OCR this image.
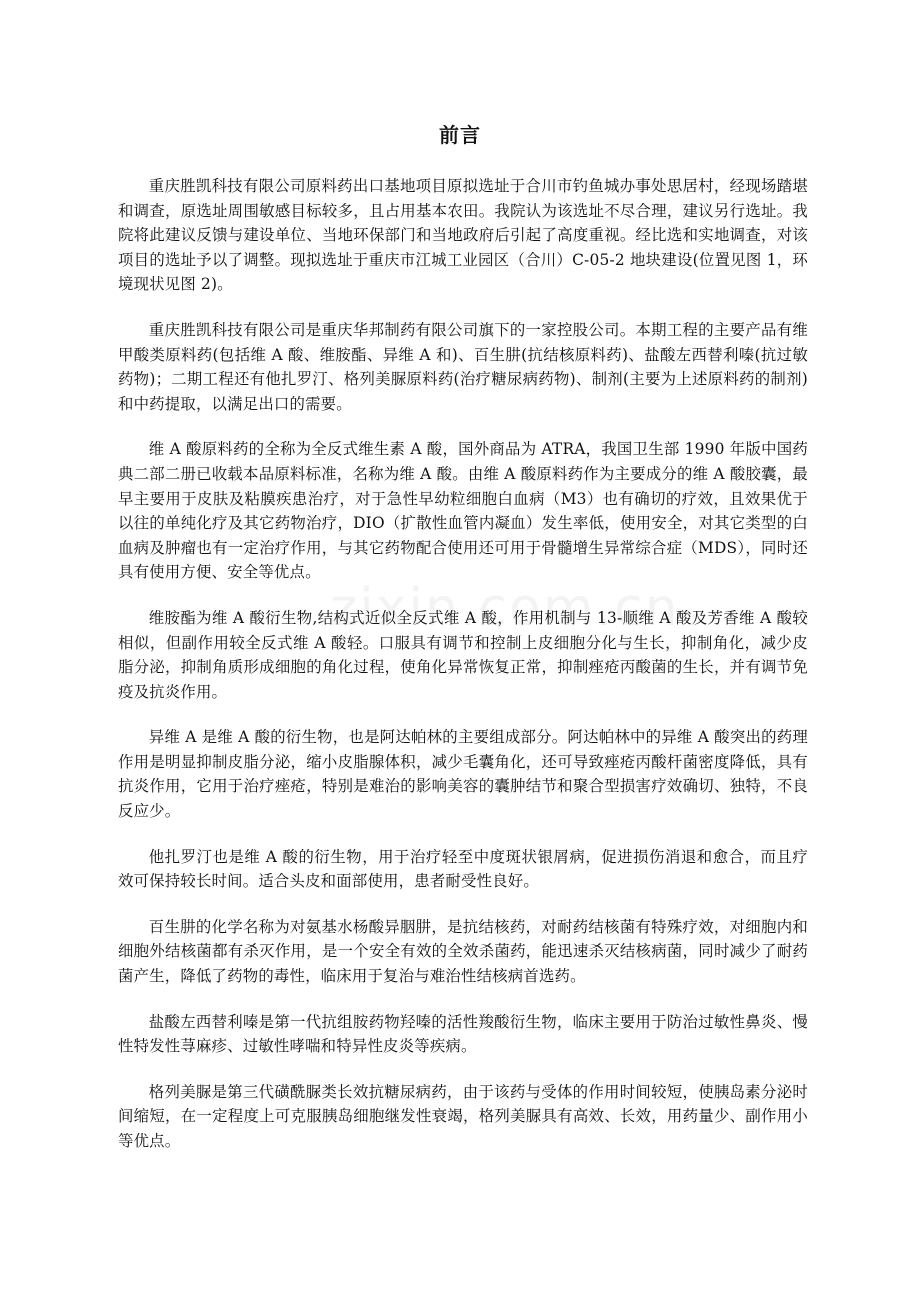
前言

重庆胜凯科技有限公司原料药出口基地项目原拟选址于合川市钓鱼城办事处思居村，经现场踏堪和调查，原选址周围敏感目标较多，且占用基本农田。我院认为该选址不尽合理，建议另行选址。我院将此建议反馈与建设单位、当地环保部门和当地政府后引起了高度重视。经比选和实地调查，对该项目的选址予以了调整。现拟选址于重庆市江城工业园区（合川）C-05-2 地块建设(位置见图 1，环境现状见图 2)。

重庆胜凯科技有限公司是重庆华邦制药有限公司旗下的一家控股公司。本期工程的主要产品有维甲酸类原料药(包括维 A 酸、维胺酯、异维 A 和)、百生肼(抗结核原料药)、盐酸左西替利嗪(抗过敏药物)；二期工程还有他扎罗汀、格列美脲原料药(治疗糖尿病药物)、制剂(主要为上述原料药的制剂)和中药提取，以满足出口的需要。

维 A 酸原料药的全称为全反式维生素 A 酸，国外商品为 ATRA，我国卫生部 1990 年版中国药典二部二册已收载本品原料标准，名称为维 A 酸。由维 A 酸原料药作为主要成分的维 A 酸胶囊，最早主要用于皮肤及粘膜疾患治疗，对于急性早幼粒细胞白血病（M3）也有确切的疗效，且效果优于以往的单纯化疗及其它药物治疗，DIO（扩散性血管内凝血）发生率低，使用安全，对其它类型的白血病及肿瘤也有一定治疗作用，与其它药物配合使用还可用于骨髓增生异常综合症（MDS），同时还具有使用方便、安全等优点。

维胺酯为维 A 酸衍生物,结构式近似全反式维 A 酸，作用机制与 13-顺维 A 酸及芳香维 A 酸较相似，但副作用较全反式维 A 酸轻。口服具有调节和控制上皮细胞分化与生长，抑制角化，减少皮脂分泌，抑制角质形成细胞的角化过程，使角化异常恢复正常，抑制痤疮丙酸菌的生长，并有调节免疫及抗炎作用。

异维 A 是维 A 酸的衍生物，也是阿达帕林的主要组成部分。阿达帕林中的异维 A 酸突出的药理作用是明显抑制皮脂分泌，缩小皮脂腺体积，减少毛囊角化，还可导致痤疮丙酸杆菌密度降低，具有抗炎作用，它用于治疗痤疮，特别是难治的影响美容的囊肿结节和聚合型损害疗效确切、独特，不良反应少。

他扎罗汀也是维 A 酸的衍生物，用于治疗轻至中度斑状银屑病，促进损伤消退和愈合，而且疗效可保持较长时间。适合头皮和面部使用，患者耐受性良好。

百生肼的化学名称为对氨基水杨酸异胭肼，是抗结核药，对耐药结核菌有特殊疗效，对细胞内和细胞外结核菌都有杀灭作用，是一个安全有效的全效杀菌药，能迅速杀灭结核病菌，同时减少了耐药菌产生，降低了药物的毒性，临床用于复治与难治性结核病首选药。

盐酸左西替利嗪是第一代抗组胺药物羟嗪的活性羧酸衍生物，临床主要用于防治过敏性鼻炎、慢性特发性荨麻疹、过敏性哮喘和特异性皮炎等疾病。

格列美脲是第三代磺酰脲类长效抗糖尿病药，由于该药与受体的作用时间较短，使胰岛素分泌时间缩短，在一定程度上可克服胰岛细胞继发性衰竭，格列美脲具有高效、长效，用药量少、副作用小等优点。
